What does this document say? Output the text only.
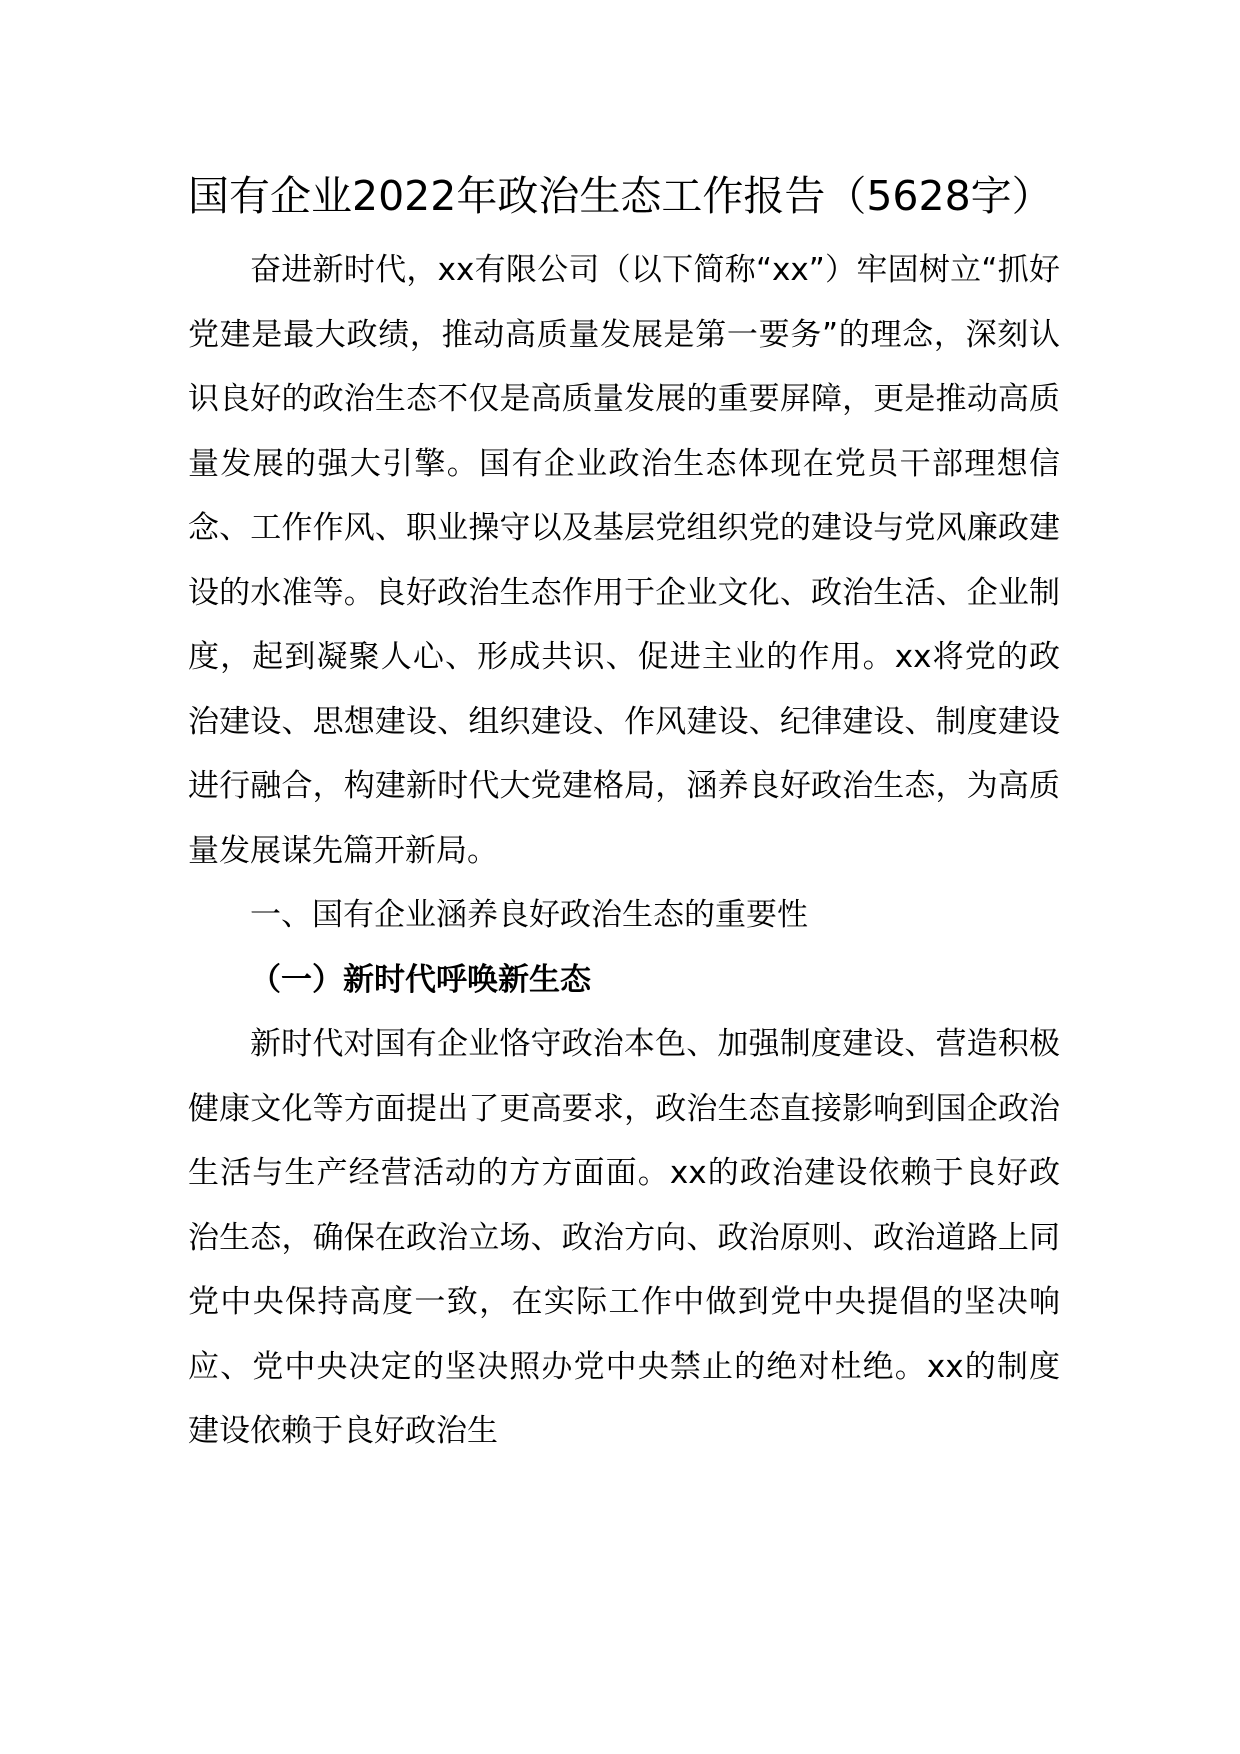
国有企业2022年政治生态工作报告（5628字）

奋进新时代，xx有限公司（以下简称“xx”）牢固树立“抓好党建是最大政绩，推动高质量发展是第一要务”的理念，深刻认识良好的政治生态不仅是高质量发展的重要屏障，更是推动高质量发展的强大引擎。国有企业政治生态体现在党员干部理想信念、工作作风、职业操守以及基层党组织党的建设与党风廉政建设的水准等。良好政治生态作用于企业文化、政治生活、企业制度，起到凝聚人心、形成共识、促进主业的作用。xx将党的政治建设、思想建设、组织建设、作风建设、纪律建设、制度建设进行融合，构建新时代大党建格局，涵养良好政治生态，为高质量发展谋先篇开新局。

一、国有企业涵养良好政治生态的重要性

（一）新时代呼唤新生态

新时代对国有企业恪守政治本色、加强制度建设、营造积极健康文化等方面提出了更高要求，政治生态直接影响到国企政治生活与生产经营活动的方方面面。xx的政治建设依赖于良好政治生态，确保在政治立场、政治方向、政治原则、政治道路上同党中央保持高度一致，在实际工作中做到党中央提倡的坚决响应、党中央决定的坚决照办党中央禁止的绝对杜绝。xx的制度建设依赖于良好政治生
